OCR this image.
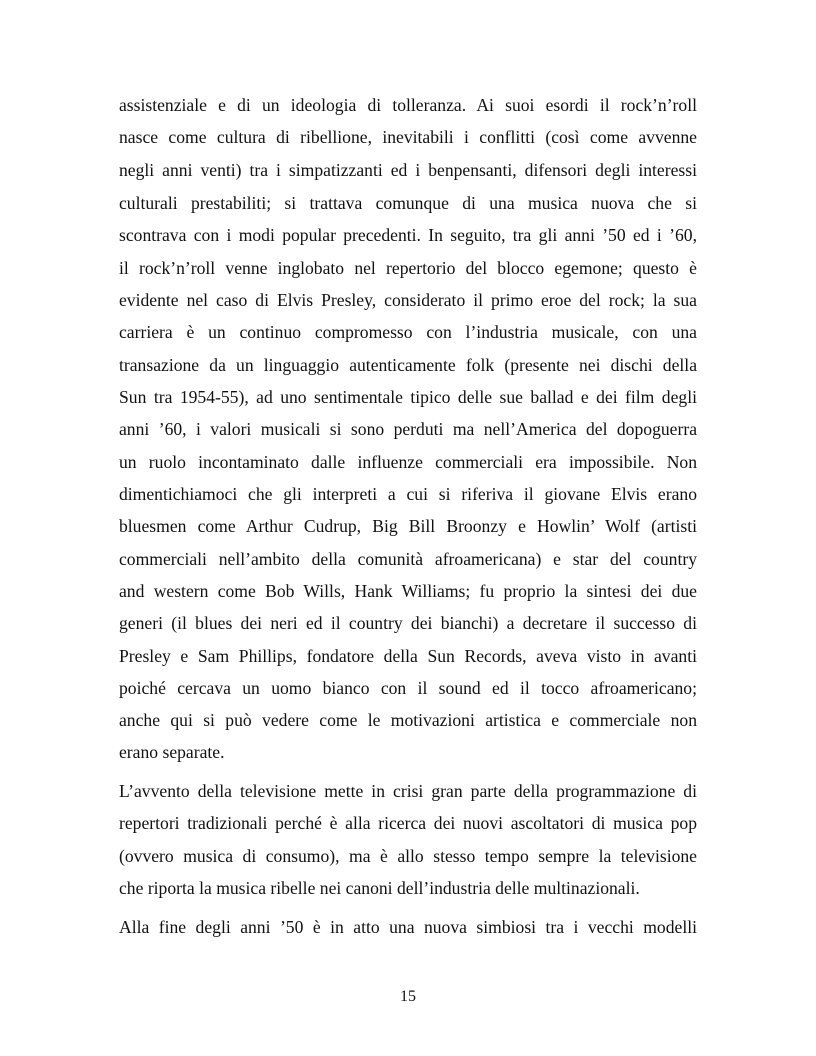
assistenziale e di un ideologia di tolleranza. Ai suoi esordi il rock’n’roll
nasce come cultura di ribellione, inevitabili i conflitti (così come avvenne
negli anni venti) tra i simpatizzanti ed i benpensanti, difensori degli interessi
culturali prestabiliti; si trattava comunque di una musica nuova che si
scontrava con i modi popular precedenti. In seguito, tra gli anni ’50 ed i ’60,
il rock’n’roll venne inglobato nel repertorio del blocco egemone; questo è
evidente nel caso di Elvis Presley, considerato il primo eroe del rock; la sua
carriera è un continuo compromesso con l’industria musicale, con una
transazione da un linguaggio autenticamente folk (presente nei dischi della
Sun tra 1954-55), ad uno sentimentale tipico delle sue ballad e dei film degli
anni ’60, i valori musicali si sono perduti ma nell’America del dopoguerra
un ruolo incontaminato dalle influenze commerciali era impossibile. Non
dimentichiamoci che gli interpreti a cui si riferiva il giovane Elvis erano
bluesmen come Arthur Cudrup, Big Bill Broonzy e Howlin’ Wolf (artisti
commerciali nell’ambito della comunità afroamericana) e star del country
and western come Bob Wills, Hank Williams; fu proprio la sintesi dei due
generi (il blues dei neri ed il country dei bianchi) a decretare il successo di
Presley e Sam Phillips, fondatore della Sun Records, aveva visto in avanti
poiché cercava un uomo bianco con il sound ed il tocco afroamericano;
anche qui si può vedere come le motivazioni artistica e commerciale non
erano separate.
L’avvento della televisione mette in crisi gran parte della programmazione di
repertori tradizionali perché è alla ricerca dei nuovi ascoltatori di musica pop
(ovvero musica di consumo), ma è allo stesso tempo sempre la televisione
che riporta la musica ribelle nei canoni dell’industria delle multinazionali.
Alla fine degli anni ’50 è in atto una nuova simbiosi tra i vecchi modelli
15
